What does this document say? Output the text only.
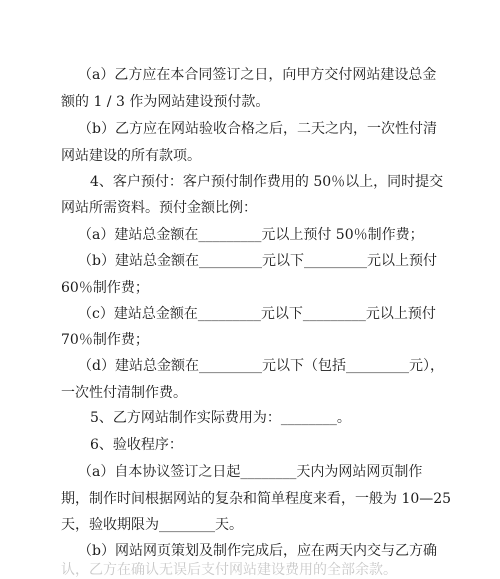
（a）乙方应在本合同签订之日，向甲方交付网站建设总金
额的 1 / 3 作为网站建设预付款。
（b）乙方应在网站验收合格之后，二天之内，一次性付清
网站建设的所有款项。
4、客户预付：客户预付制作费用的 50％以上，同时提交
网站所需资料。预付金额比例：
（a）建站总金额在_________元以上预付 50％制作费；
（b）建站总金额在_________元以下_________元以上预付
60％制作费；
（c）建站总金额在_________元以下_________元以上预付
70％制作费；
（d）建站总金额在_________元以下（包括_________元），
一次性付清制作费。
5、乙方网站制作实际费用为：________。
6、验收程序：
（a）自本协议签订之日起________天内为网站网页制作
期，制作时间根据网站的复杂和简单程度来看，一般为 10—25
天，验收期限为________天。
（b）网站网页策划及制作完成后，应在两天内交与乙方确
认，乙方在确认无误后支付网站建设费用的全部余款。
